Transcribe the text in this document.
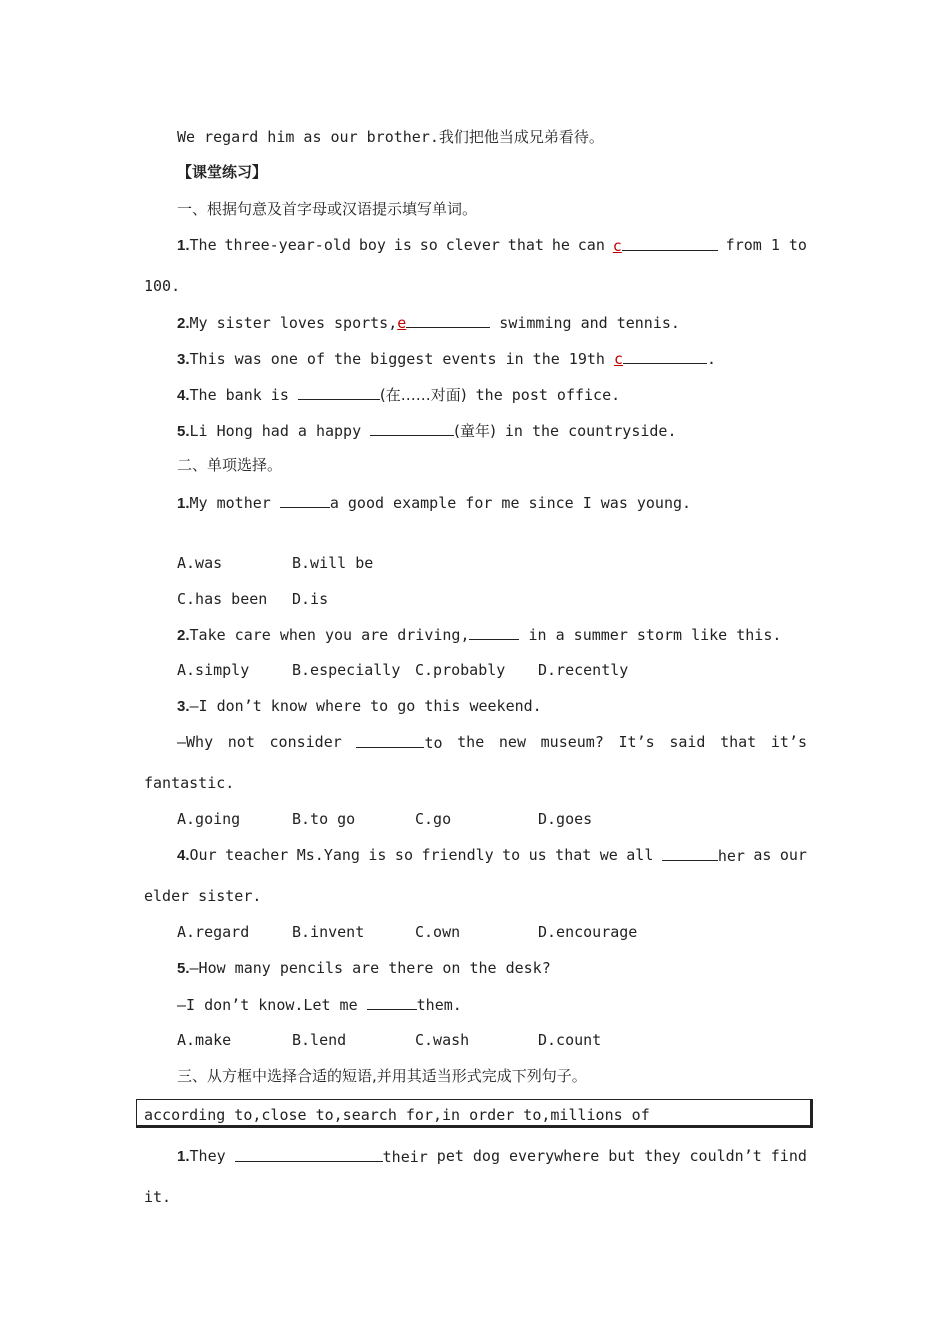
We regard him as our brother.我们把他当成兄弟看待。
【课堂练习】
一、根据句意及首字母或汉语提示填写单词。
1.The three-year-old boy is so clever that he can c	from 1 to
100.
2.My sister loves sports,e	swimming and tennis.
3.This was one of the biggest events in the 19th c	.
4.The bank is	(在……对面) the post office.
5.Li Hong had a happy	(童年) in the countryside.
二、单项选择。
1.My mother	a good example for me since I was young.
A.was	B.will be
C.has been D.is
2.Take care when you are driving,	in a summer storm like this.
A.simply	B.especially C.probably D.recently
3.—I don’t know where to go this weekend.
—Why not consider	to the new museum? It’s said that it’s
fantastic.
A.going	B.to go	C.go	D.goes
4.Our teacher Ms.Yang is so friendly to us that we all	her as our
elder sister.
A.regard	B.invent	C.own	D.encourage
5.—How many pencils are there on the desk?
—I don’t know.Let me	them.
A.make	B.lend	C.wash	D.count
三、从方框中选择合适的短语,并用其适当形式完成下列句子。
according to,close to,search for,in order to,millions of
1.They	their pet dog everywhere but they couldn’t find
it.
